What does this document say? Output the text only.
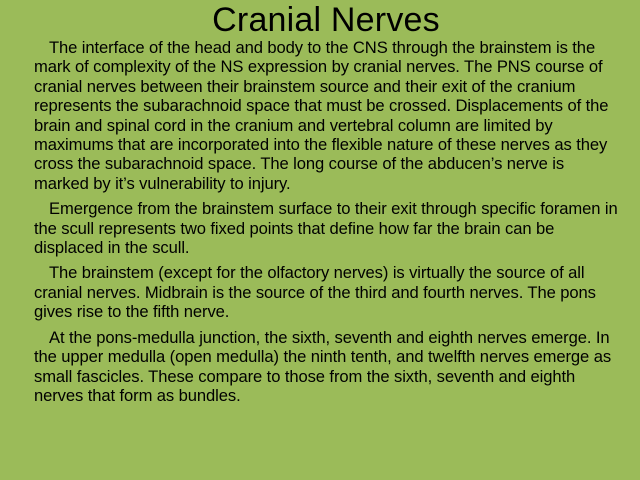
Cranial Nerves

The interface of the head and body to the CNS through the brainstem is the mark of complexity of the NS expression by cranial nerves. The PNS course of cranial nerves between their brainstem source and their exit of the cranium represents the subarachnoid space that must be crossed. Displacements of the brain and spinal cord in the cranium and vertebral column are limited by maximums that are incorporated into the flexible nature of these nerves as they cross the subarachnoid space. The long course of the abducen’s nerve is marked by it’s vulnerability to injury.

Emergence from the brainstem surface to their exit through specific foramen in the scull represents two fixed points that define how far the brain can be displaced in the scull.

The brainstem (except for the olfactory nerves) is virtually the source of all cranial nerves. Midbrain is the source of the third and fourth nerves. The pons gives rise to the fifth nerve.

At the pons-medulla junction, the sixth, seventh and eighth nerves emerge. In the upper medulla (open medulla) the ninth tenth, and twelfth nerves emerge as small fascicles. These compare to those from the sixth, seventh and eighth nerves that form as bundles.
